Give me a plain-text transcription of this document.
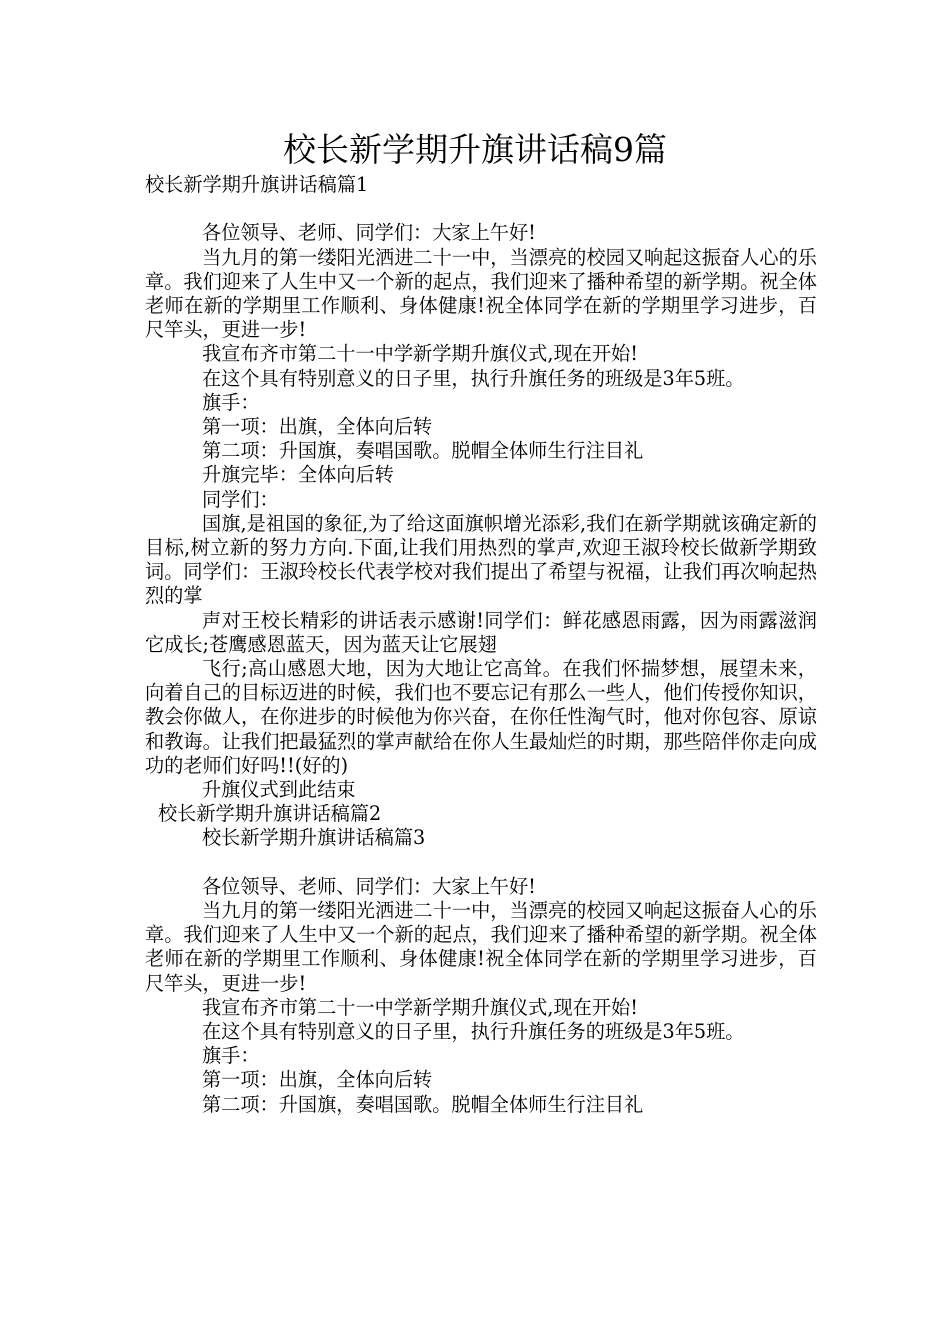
校长新学期升旗讲话稿9篇

校长新学期升旗讲话稿篇1

各位领导、老师、同学们：大家上午好!

当九月的第一缕阳光洒进二十一中，当漂亮的校园又响起这振奋人心的乐章。我们迎来了人生中又一个新的起点，我们迎来了播种希望的新学期。祝全体老师在新的学期里工作顺利、身体健康!祝全体同学在新的学期里学习进步，百尺竿头，更进一步!

我宣布齐市第二十一中学新学期升旗仪式,现在开始!

在这个具有特别意义的日子里，执行升旗任务的班级是3年5班。

旗手：

第一项：出旗，全体向后转

第二项：升国旗，奏唱国歌。脱帽全体师生行注目礼

升旗完毕：全体向后转

同学们：

国旗,是祖国的象征,为了给这面旗帜增光添彩,我们在新学期就该确定新的目标,树立新的努力方向.下面,让我们用热烈的掌声,欢迎王淑玲校长做新学期致词。同学们：王淑玲校长代表学校对我们提出了希望与祝福，让我们再次响起热烈的掌

声对王校长精彩的讲话表示感谢!同学们：鲜花感恩雨露，因为雨露滋润它成长;苍鹰感恩蓝天，因为蓝天让它展翅

飞行;高山感恩大地，因为大地让它高耸。在我们怀揣梦想，展望未来，向着自己的目标迈进的时候，我们也不要忘记有那么一些人，他们传授你知识，教会你做人，在你进步的时候他为你兴奋，在你任性淘气时，他对你包容、原谅和教诲。让我们把最猛烈的掌声献给在你人生最灿烂的时期，那些陪伴你走向成功的老师们好吗!!(好的)

升旗仪式到此结束

校长新学期升旗讲话稿篇2

校长新学期升旗讲话稿篇3

各位领导、老师、同学们：大家上午好!

当九月的第一缕阳光洒进二十一中，当漂亮的校园又响起这振奋人心的乐章。我们迎来了人生中又一个新的起点，我们迎来了播种希望的新学期。祝全体老师在新的学期里工作顺利、身体健康!祝全体同学在新的学期里学习进步，百尺竿头，更进一步!

我宣布齐市第二十一中学新学期升旗仪式,现在开始!

在这个具有特别意义的日子里，执行升旗任务的班级是3年5班。

旗手：

第一项：出旗，全体向后转

第二项：升国旗，奏唱国歌。脱帽全体师生行注目礼
